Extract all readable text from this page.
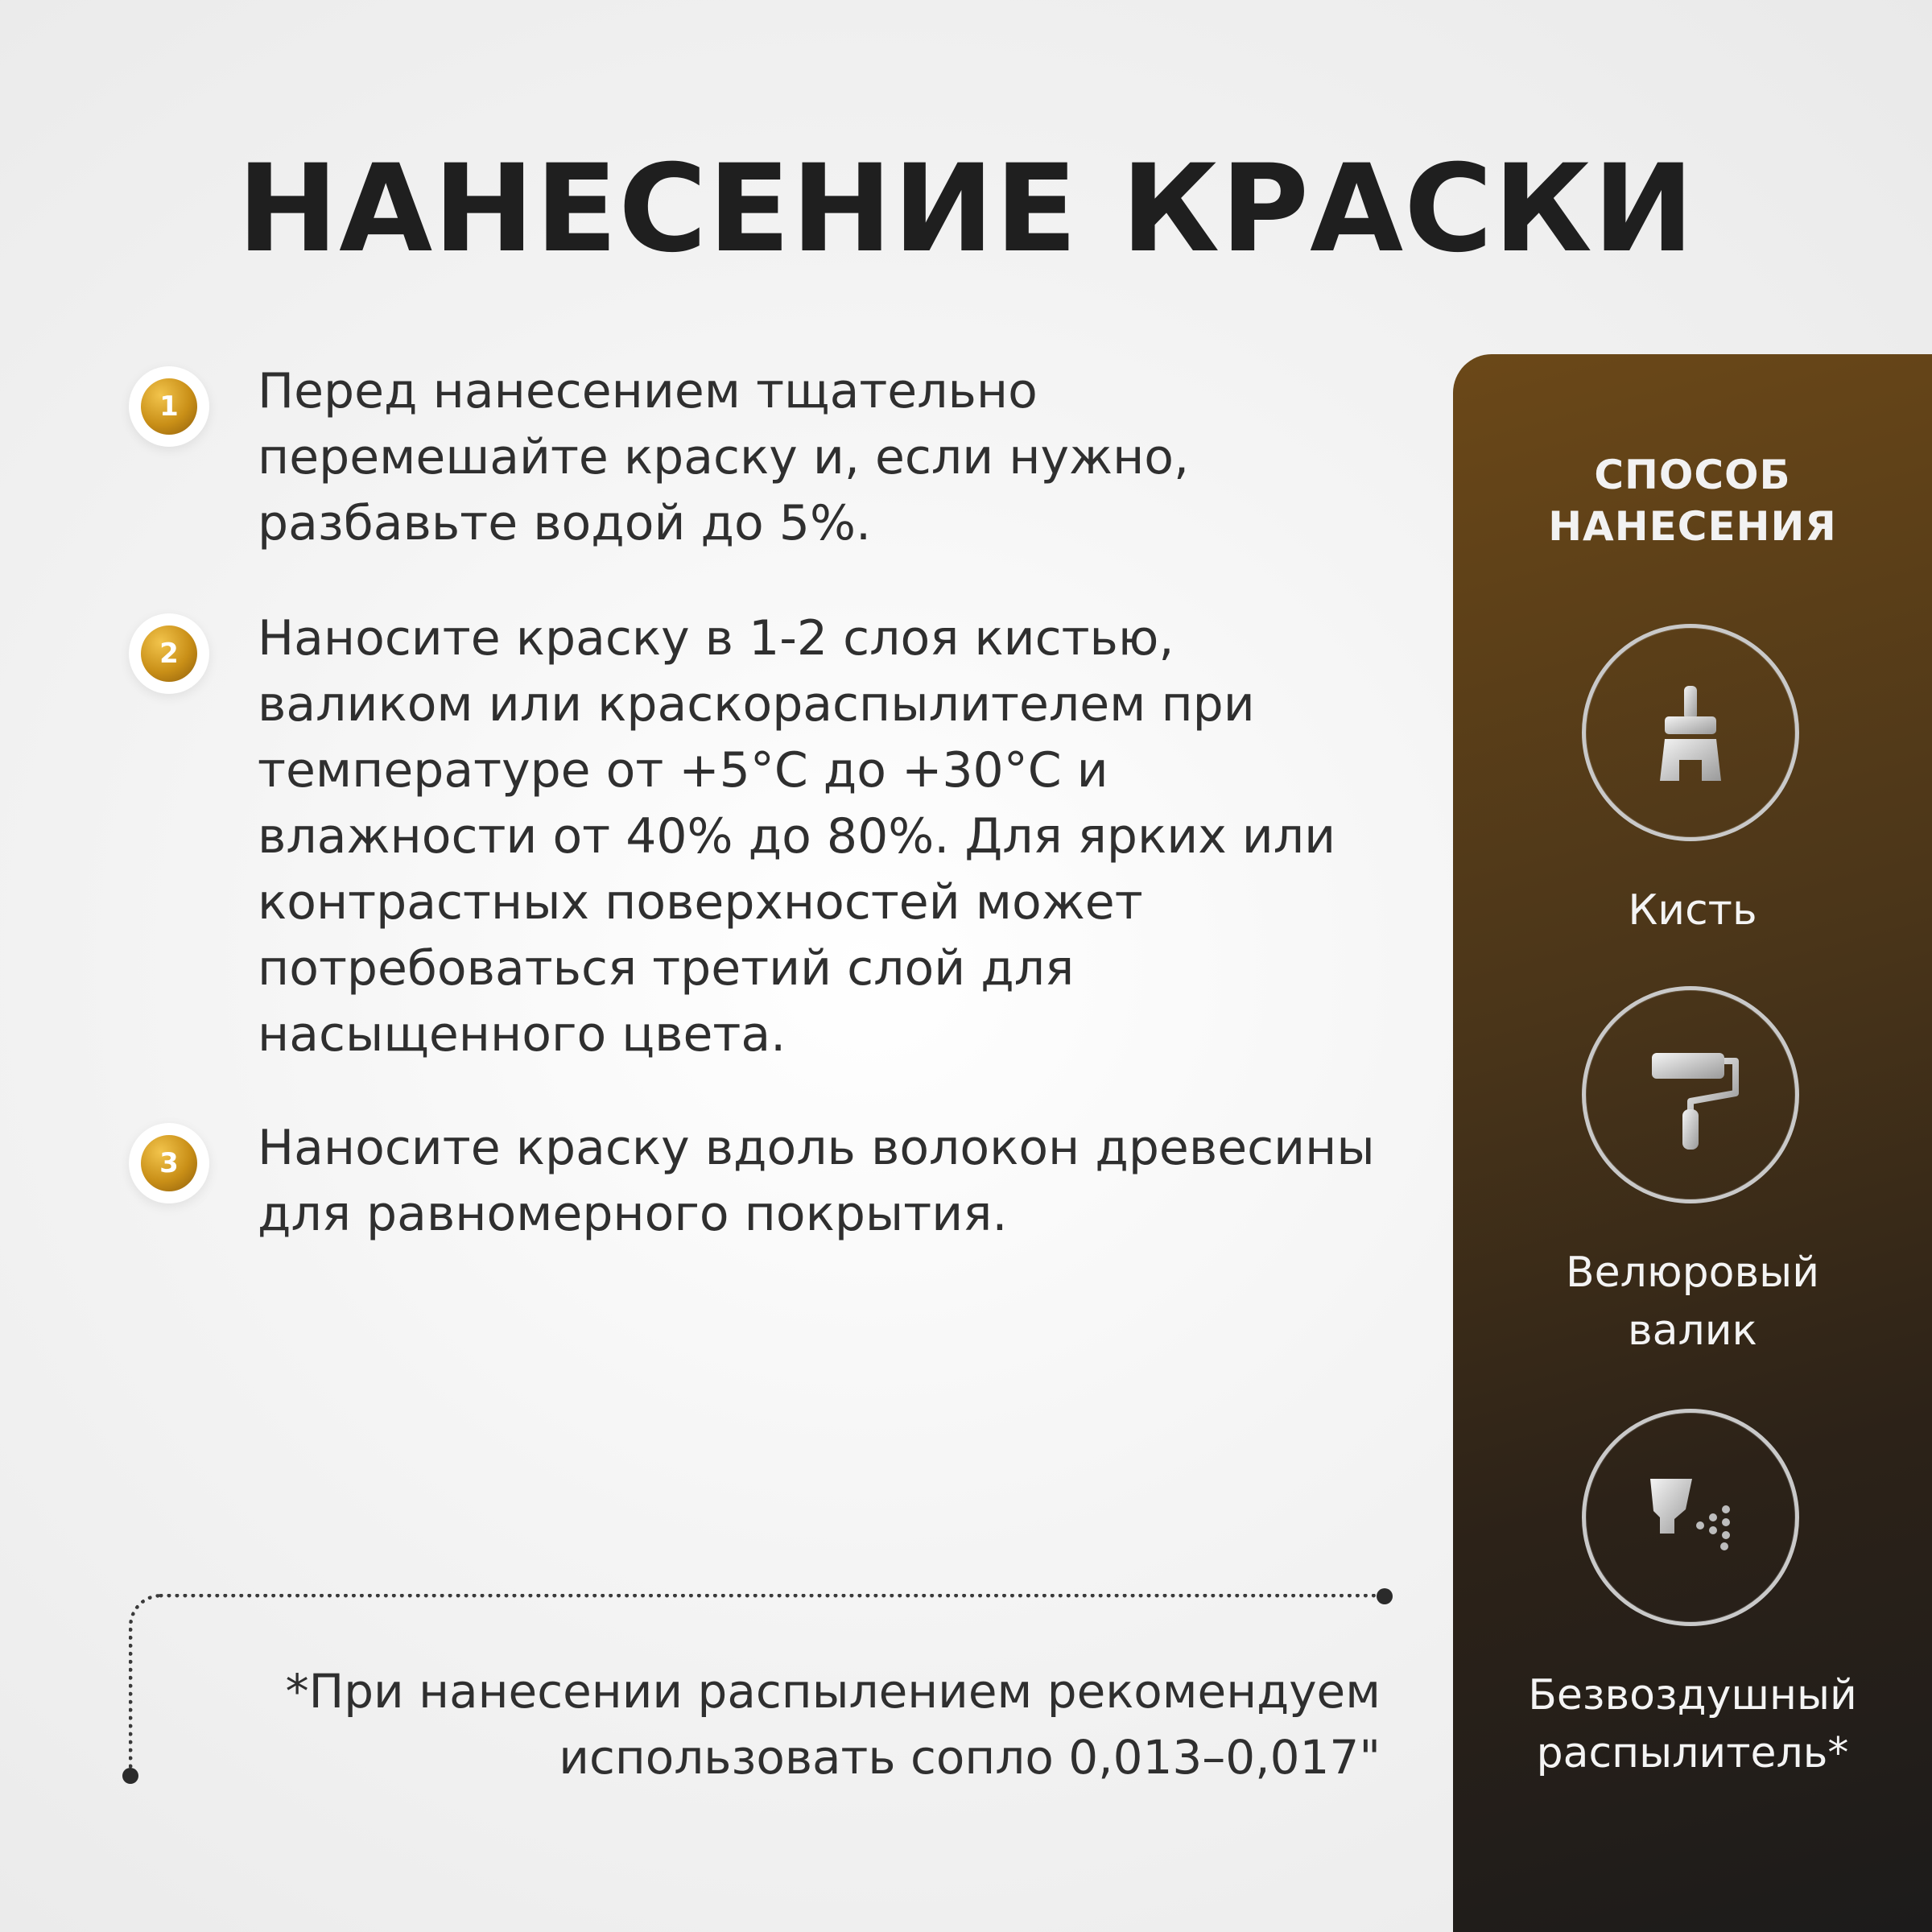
НАНЕСЕНИЕ КРАСКИ
1	Перед нанесением тщательно перемешайте краску и, если нужно, разбавьте водой до 5%.
2	Наносите краску в 1-2 слоя кистью, валиком или краскораспылителем при температуре от +5°С до +30°С и влажности от 40% до 80%. Для ярких или контрастных поверхностей может потребоваться третий слой для насыщенного цвета.
3	Наносите краску вдоль волокон древесины для равномерного покрытия.
*При нанесении распылением рекомендуем
использовать сопло 0,013–0,017"
СПОСОБ
НАНЕСЕНИЯ
Кисть
Велюровый
валик
Безвоздушный
распылитель*
